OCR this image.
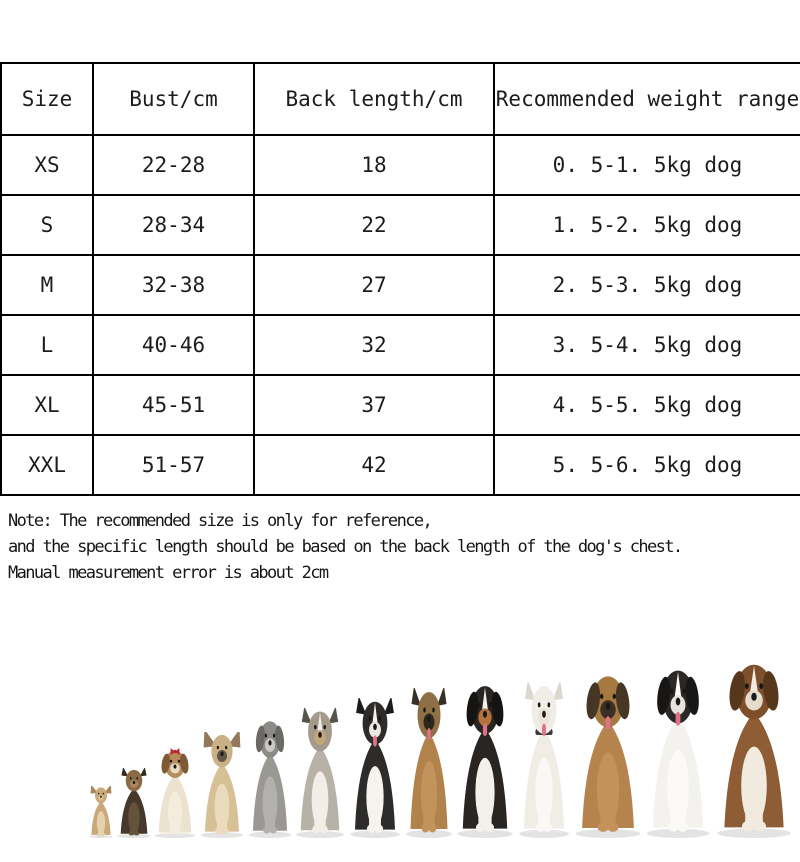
Size	Bust/cm	Back length/cm	Recommended weight range
XS	22-28	18	0. 5-1. 5kg dog
S	28-34	22	1. 5-2. 5kg dog
M	32-38	27	2. 5-3. 5kg dog
L	40-46	32	3. 5-4. 5kg dog
XL	45-51	37	4. 5-5. 5kg dog
XXL	51-57	42	5. 5-6. 5kg dog
Note: The recommended size is only for reference,
and the specific length should be based on the back length of the dog's chest.
Manual measurement error is about 2cm
